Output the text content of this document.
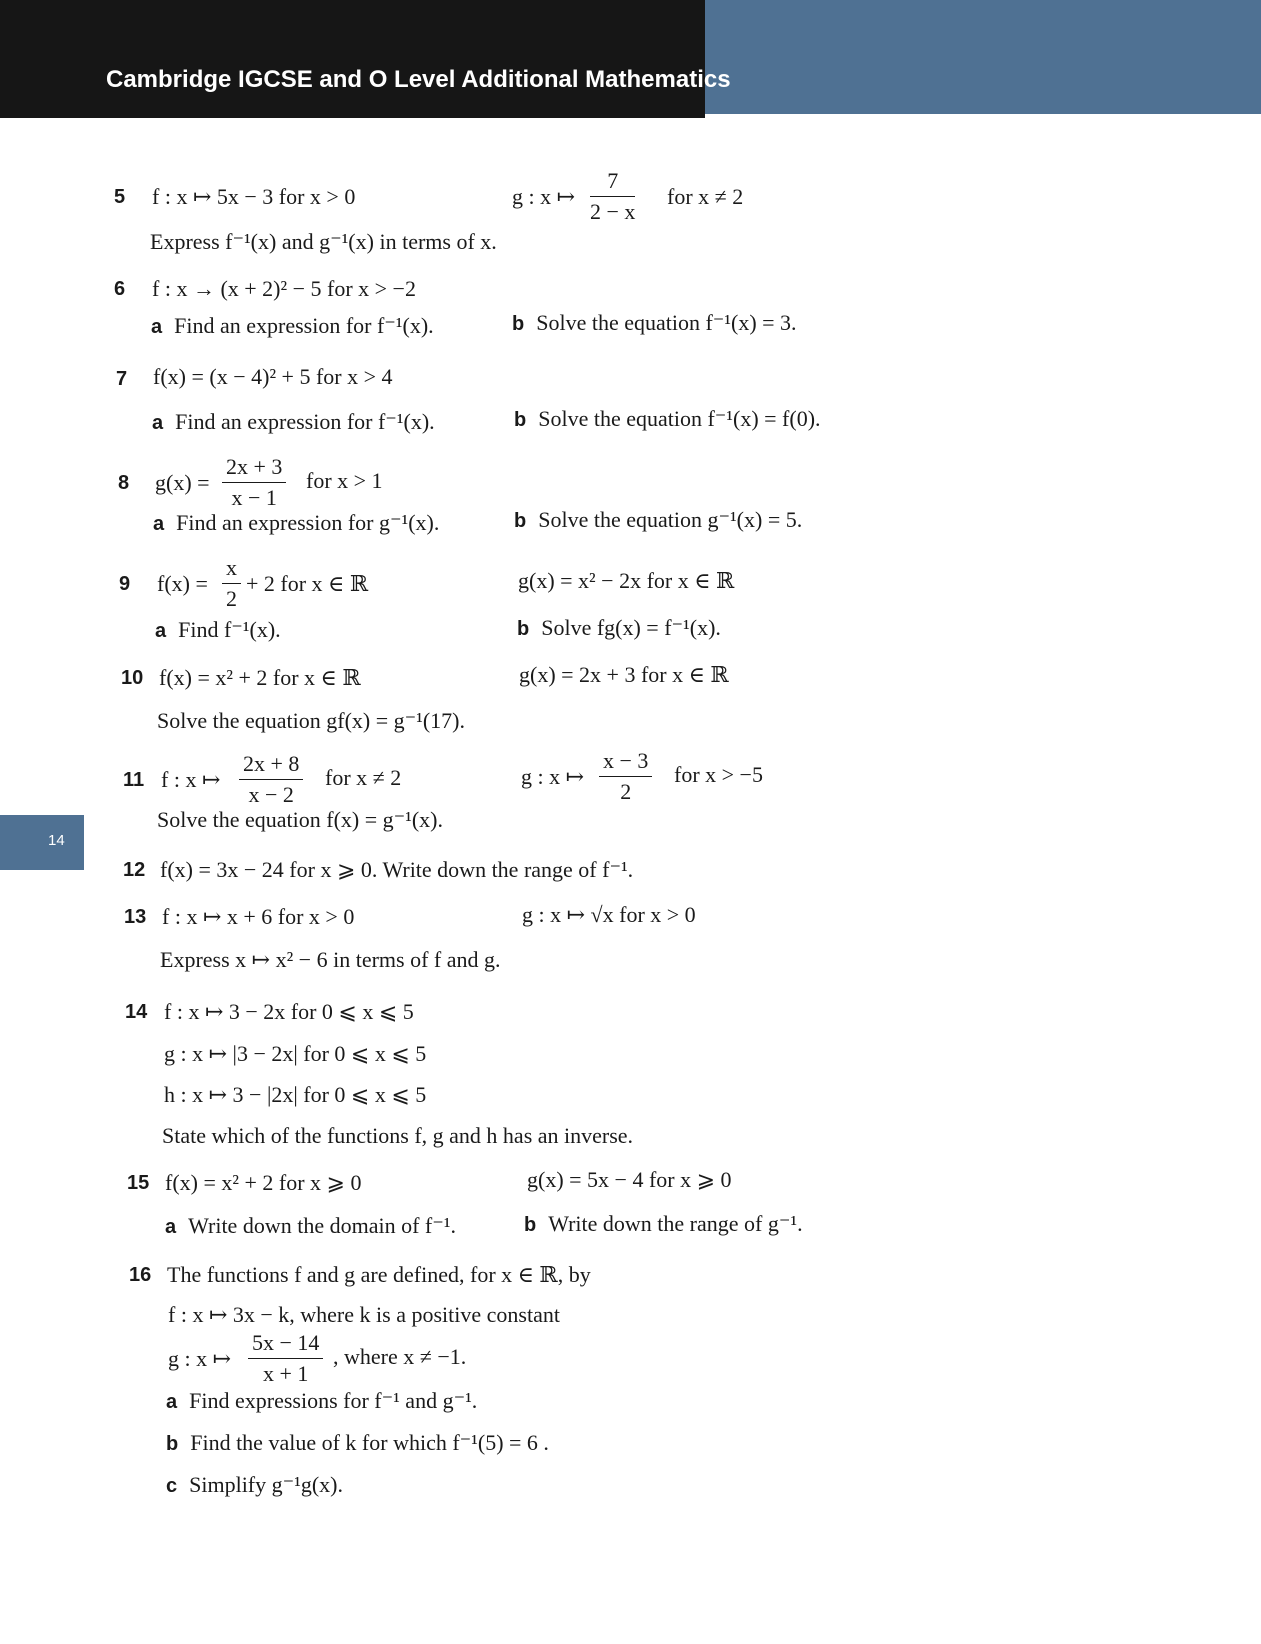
Cambridge IGCSE and O Level Additional Mathematics
14
5 f : x ↦ 5x − 3 for x > 0	g : x ↦ $\frac{7}{2 - x}$ for x ≠ 2
Express f⁻¹(x) and g⁻¹(x) in terms of x.
6 f : x → (x + 2)² − 5 for x > −2
a Find an expression for f⁻¹(x).	b Solve the equation f⁻¹(x) = 3.
7 f(x) = (x − 4)² + 5 for x > 4
a Find an expression for f⁻¹(x).	b Solve the equation f⁻¹(x) = f(0).
8 $g(x) = \frac{2x + 3}{x - 1}$ for x > 1
a Find an expression for g⁻¹(x).	b Solve the equation g⁻¹(x) = 5.
9 $f(x) = \frac{x}{2} + 2$ for x ∈ ℝ	g(x) = x² − 2x for x ∈ ℝ
a Find f⁻¹(x).	b Solve fg(x) = f⁻¹(x).
10 f(x) = x² + 2 for x ∈ ℝ	g(x) = 2x + 3 for x ∈ ℝ
Solve the equation gf(x) = g⁻¹(17).
11 f : x ↦ $\frac{2x + 8}{x - 2}$ for x ≠ 2	g : x ↦ $\frac{x - 3}{2}$ for x > −5
Solve the equation f(x) = g⁻¹(x).
12 f(x) = 3x − 24 for x ⩾ 0. Write down the range of f⁻¹.
13 f : x ↦ x + 6 for x > 0	g : x ↦ √x for x > 0
Express x ↦ x² − 6 in terms of f and g.
14 f : x ↦ 3 − 2x for 0 ⩽ x ⩽ 5
g : x ↦ |3 − 2x| for 0 ⩽ x ⩽ 5
h : x ↦ 3 − |2x| for 0 ⩽ x ⩽ 5
State which of the functions f, g and h has an inverse.
15 f(x) = x² + 2 for x ⩾ 0	g(x) = 5x − 4 for x ⩾ 0
a Write down the domain of f⁻¹.	b Write down the range of g⁻¹.
16 The functions f and g are defined, for x ∈ ℝ, by
f : x ↦ 3x − k, where k is a positive constant
g : x ↦ $\frac{5x - 14}{x + 1}$ , where x ≠ −1.
a Find expressions for f⁻¹ and g⁻¹.
b Find the value of k for which f⁻¹(5) = 6 .
c Simplify g⁻¹g(x).
